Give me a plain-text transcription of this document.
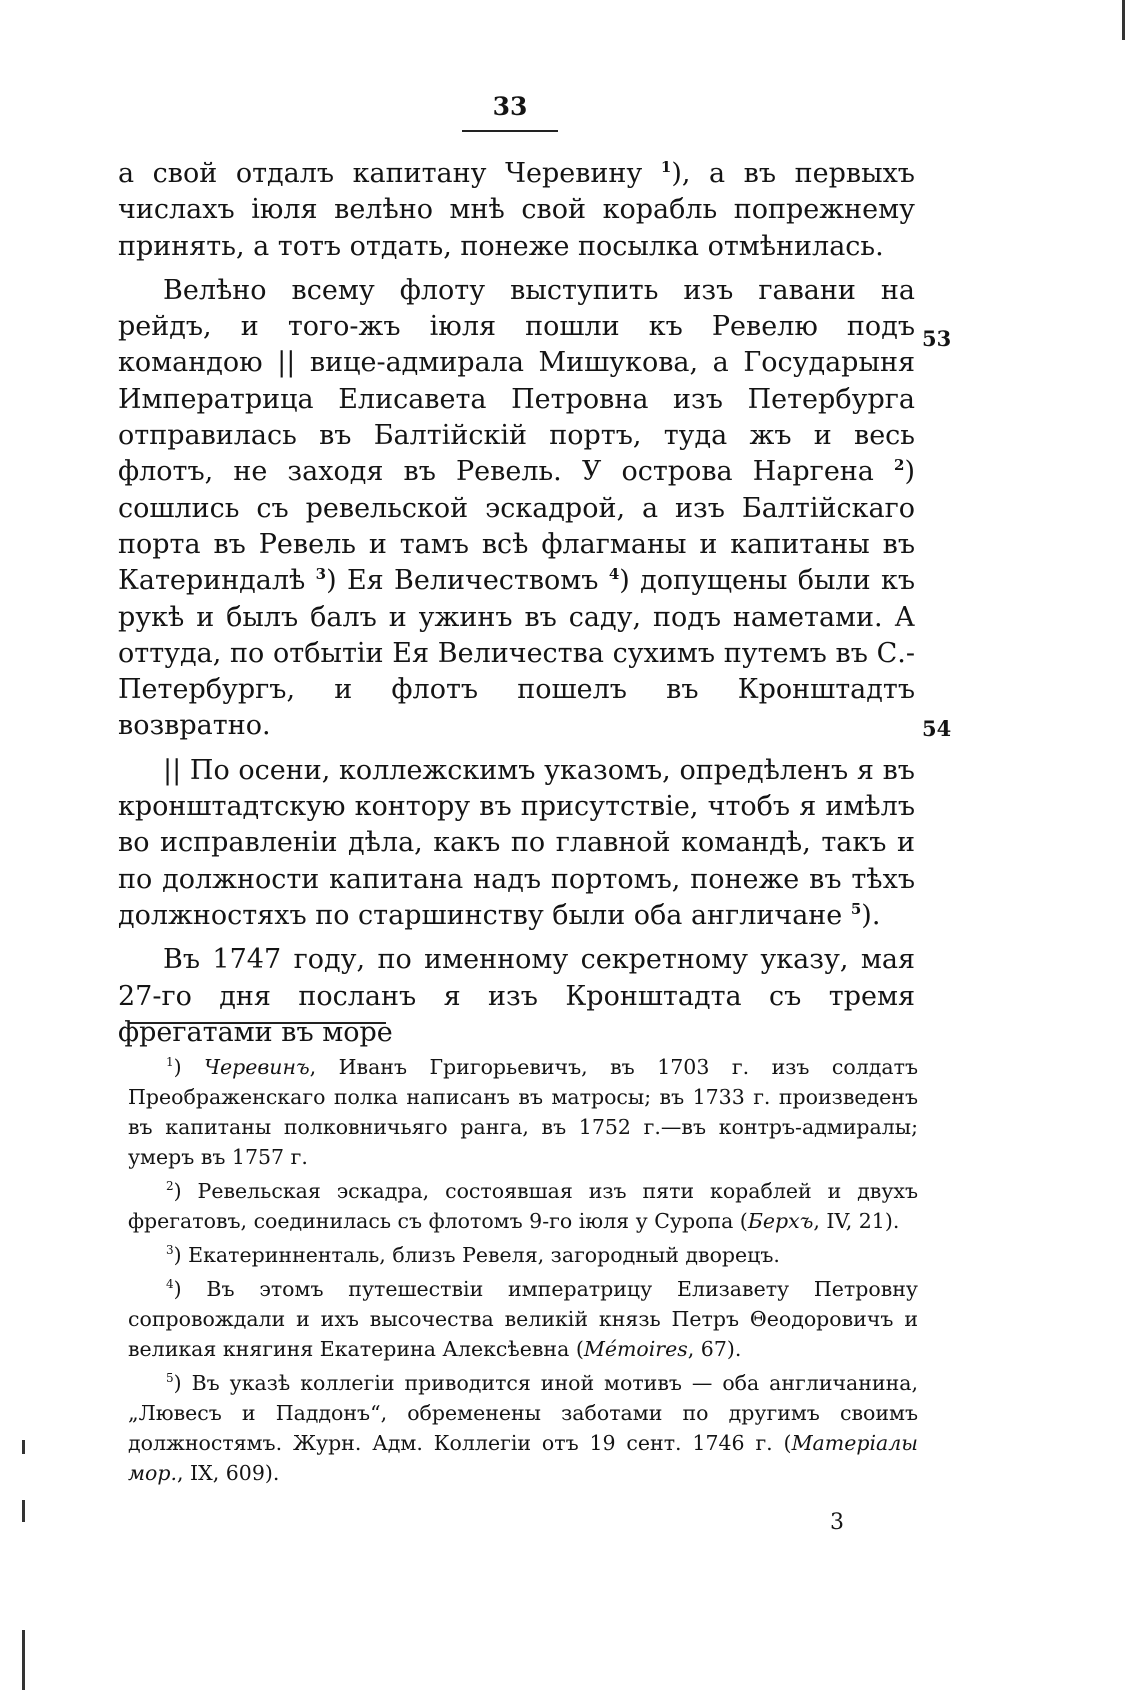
33

а свой отдалъ капитану Черевину $^1$), а въ первыхъ числахъ іюля велѣно мнѣ свой корабль попрежнему принять, а тотъ отдать, понеже посылка отмѣнилась.

Велѣно всему флоту выступить изъ гавани на рейдъ, и того-жъ іюля пошли къ Ревелю подъ командою || вице-адмирала Мишукова, а Государыня Императрица Елисавета Петровна изъ Петербурга отправилась въ Балтійскій портъ, туда жъ и весь флотъ, не заходя въ Ревель. У острова Наргена $^2$) сошлись съ ревельской эскадрой, а изъ Балтійскаго порта въ Ревель и тамъ всѣ флагманы и капитаны въ Катериндалѣ $^3$) Ея Величествомъ $^4$) допущены были къ рукѣ и былъ балъ и ужинъ въ саду, подъ наметами. А оттуда, по отбытіи Ея Величества сухимъ путемъ въ С.-Петербургъ, и флотъ пошелъ въ Кронштадтъ возвратно.

|| По осени, коллежскимъ указомъ, опредѣленъ я въ кронштадтскую контору въ присутствіе, чтобъ я имѣлъ во исправленіи дѣла, какъ по главной командѣ, такъ и по должности капитана надъ портомъ, понеже въ тѣхъ должностяхъ по старшинству были оба англичане $^5$).

Въ 1747 году, по именному секретному указу, мая 27-го дня посланъ я изъ Кронштадта съ тремя фрегатами въ море

53
54

$^1$) Черевинъ, Иванъ Григорьевичъ, въ 1703 г. изъ солдатъ Преображенскаго полка написанъ въ матросы; въ 1733 г. произведенъ въ капитаны полковничьяго ранга, въ 1752 г.—въ контръ-адмиралы; умеръ въ 1757 г.

$^2$) Ревельская эскадра, состоявшая изъ пяти кораблей и двухъ фрегатовъ, соединилась съ флотомъ 9-го іюля у Суропа (Берхъ, IV, 21).

$^3$) Екатеринненталь, близъ Ревеля, загородный дворецъ.

$^4$) Въ этомъ путешествіи императрицу Елизавету Петровну сопровождали и ихъ высочества великій князь Петръ Θеодоровичъ и великая княгиня Екатерина Алексѣевна (Mémoires, 67).

$^5$) Въ указѣ коллегіи приводится иной мотивъ — оба англичанина, „Лювесъ и Паддонъ“, обременены заботами по другимъ своимъ должностямъ. Журн. Адм. Коллегіи отъ 19 сент. 1746 г. (Матеріалы мор., IX, 609).

3
